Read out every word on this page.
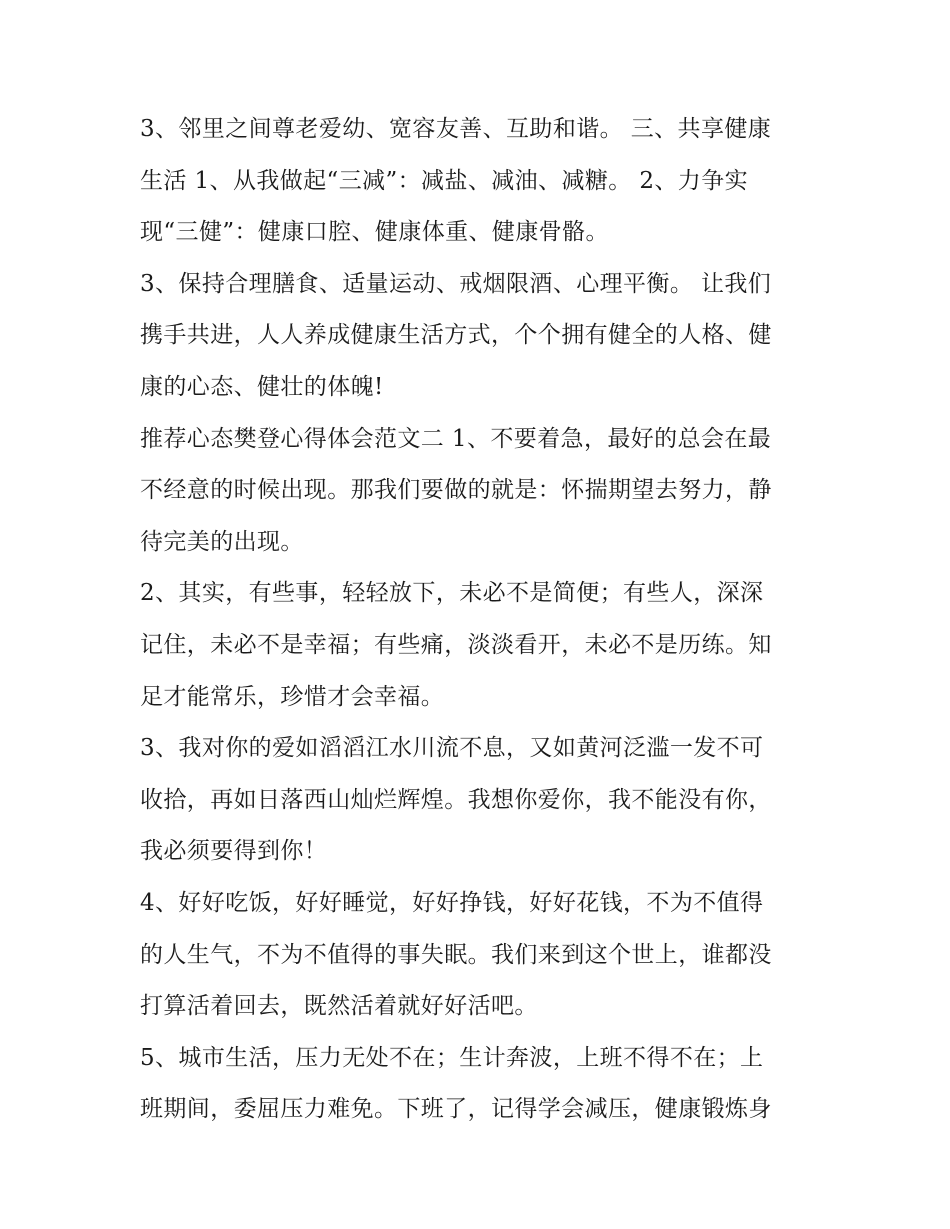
3、邻里之间尊老爱幼、宽容友善、互助和谐。 三、共享健康
生活 1、从我做起“三减”：减盐、减油、减糖。 2、力争实
现“三健”：健康口腔、健康体重、健康骨骼。
3、保持合理膳食、适量运动、戒烟限酒、心理平衡。 让我们
携手共进，人人养成健康生活方式，个个拥有健全的人格、健
康的心态、健壮的体魄!
推荐心态樊登心得体会范文二 1、不要着急，最好的总会在最
不经意的时候出现。那我们要做的就是：怀揣期望去努力，静
待完美的出现。
2、其实，有些事，轻轻放下，未必不是简便；有些人，深深
记住，未必不是幸福；有些痛，淡淡看开，未必不是历练。知
足才能常乐，珍惜才会幸福。
3、我对你的爱如滔滔江水川流不息，又如黄河泛滥一发不可
收拾，再如日落西山灿烂辉煌。我想你爱你，我不能没有你，
我必须要得到你！
4、好好吃饭，好好睡觉，好好挣钱，好好花钱，不为不值得
的人生气，不为不值得的事失眠。我们来到这个世上，谁都没
打算活着回去，既然活着就好好活吧。
5、城市生活，压力无处不在；生计奔波，上班不得不在；上
班期间，委屈压力难免。下班了，记得学会减压，健康锻炼身
